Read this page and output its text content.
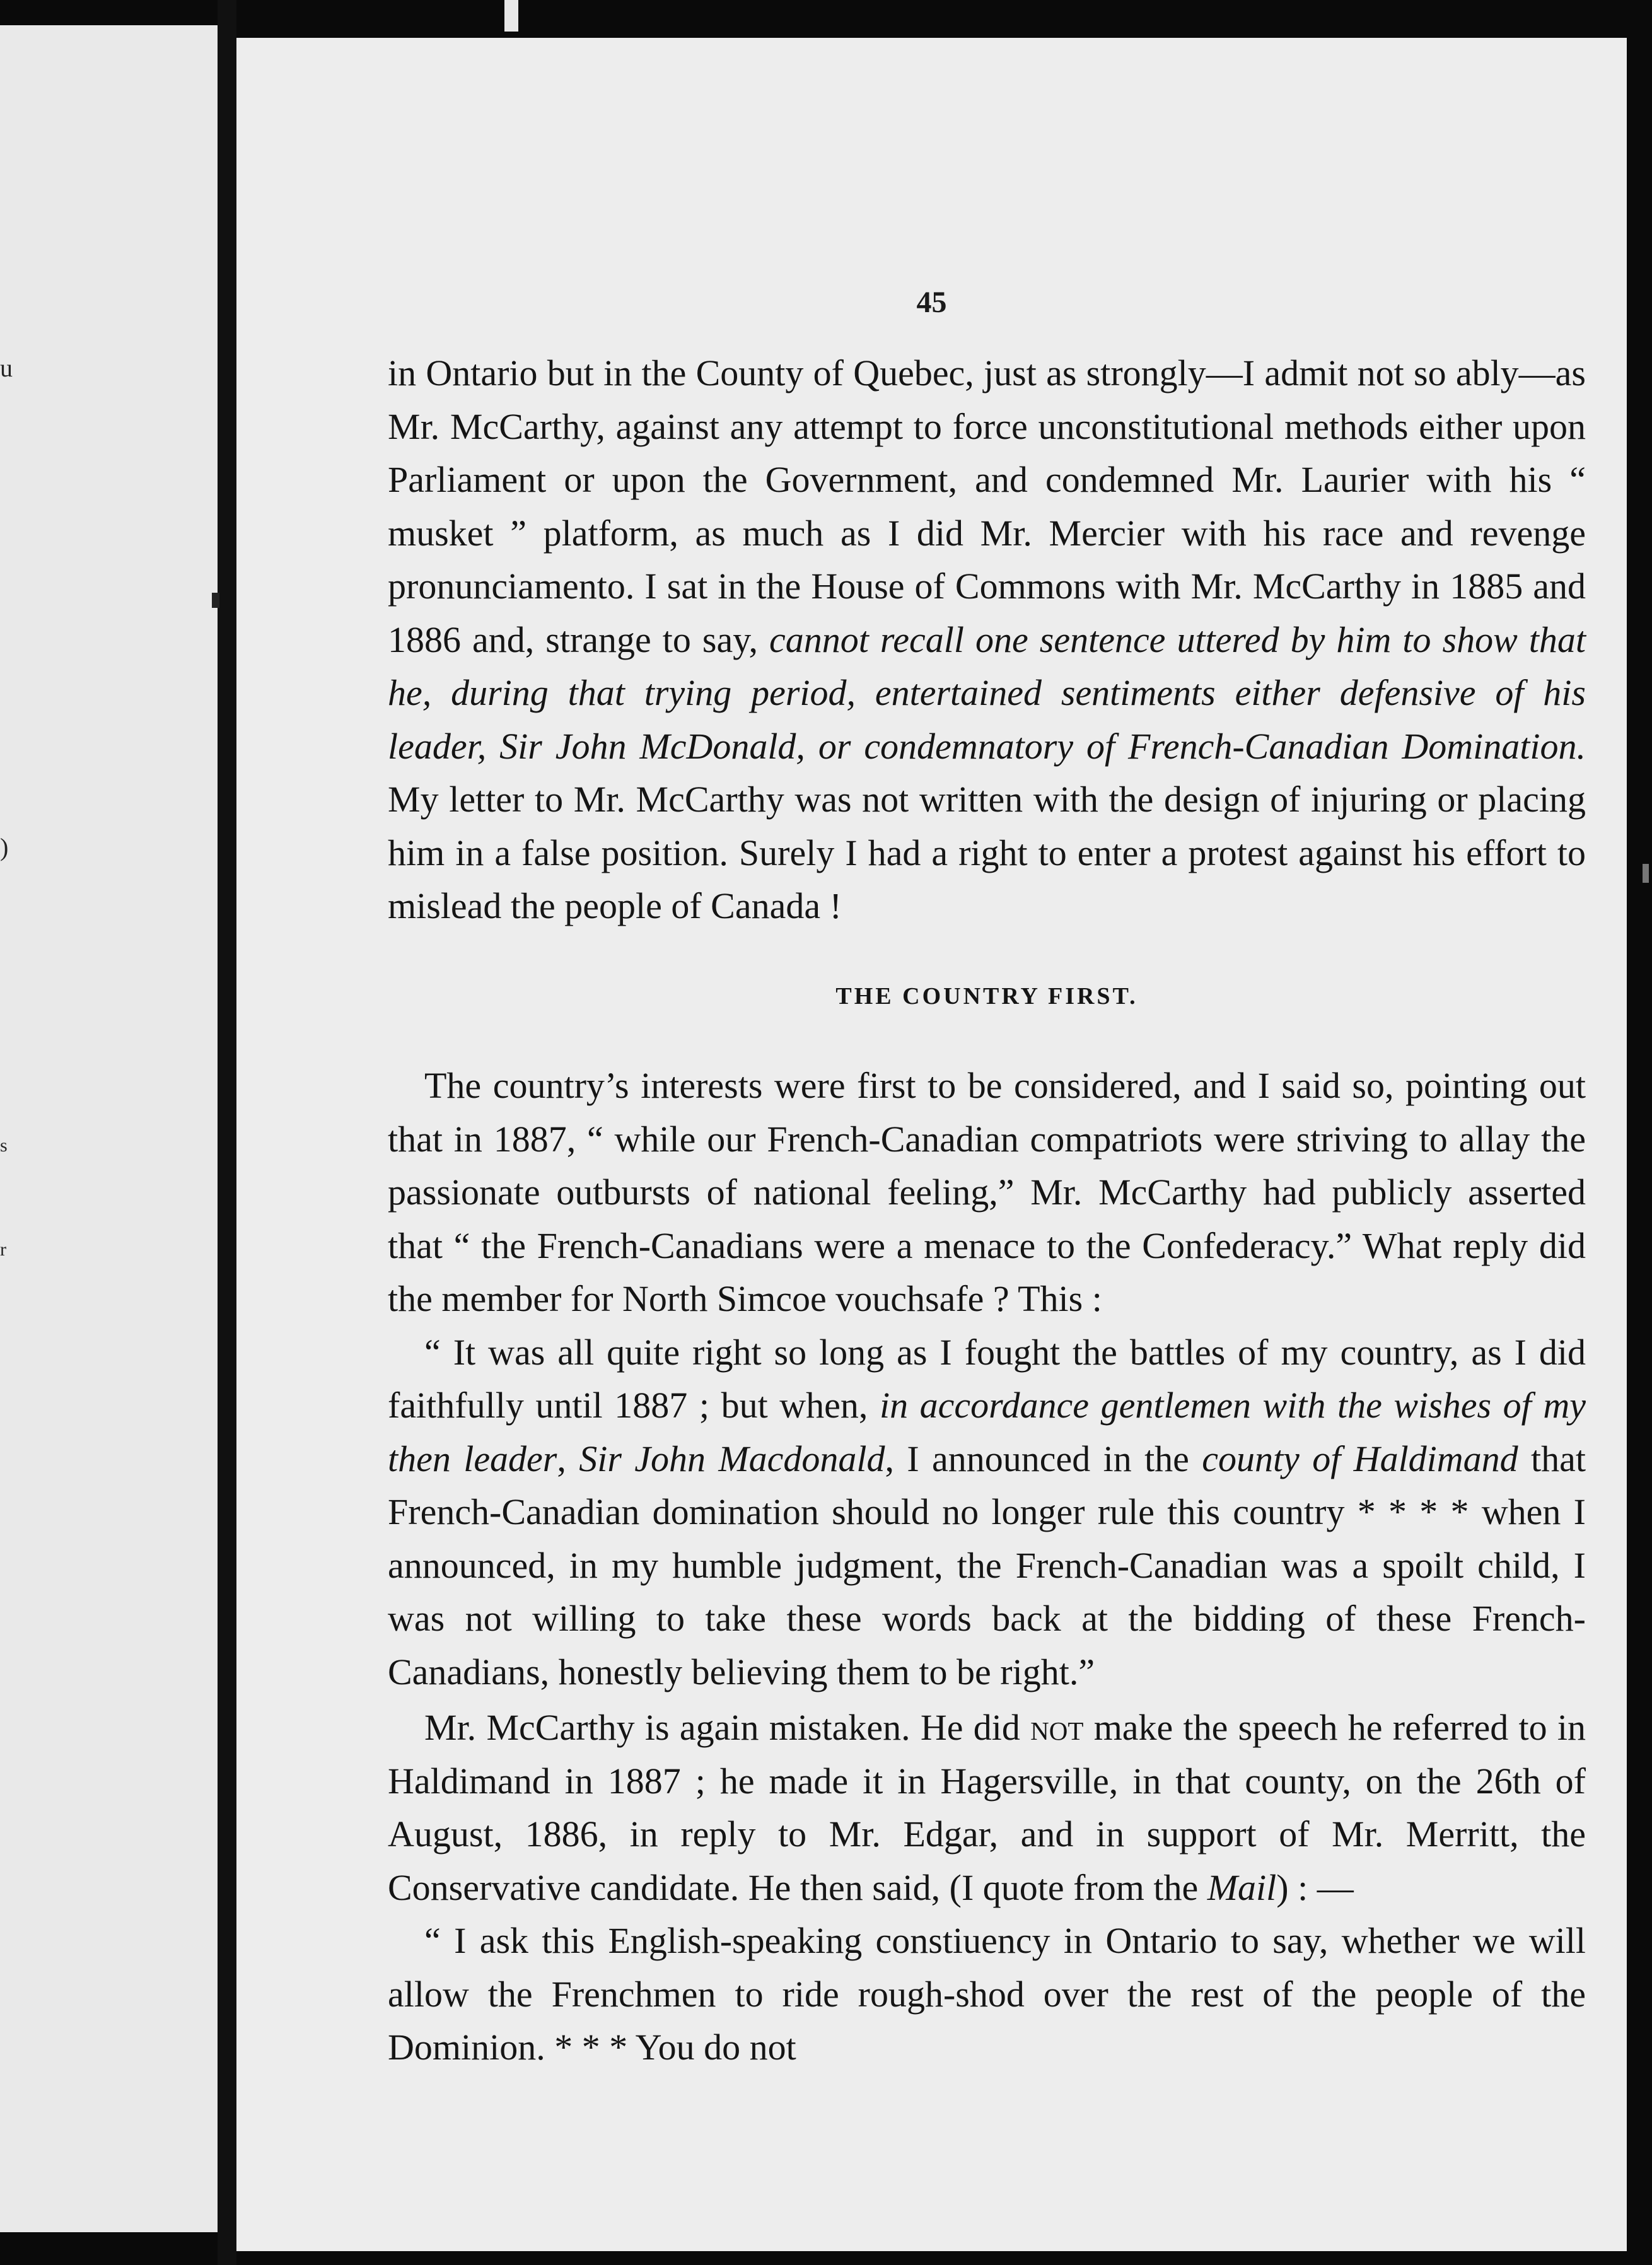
u
)
s
r
45

in Ontario but in the County of Quebec, just as strongly—I admit not so ably—as Mr. McCarthy, against any attempt to force unconstitutional methods either upon Parliament or upon the Government, and condemned Mr. Laurier with his “ musket ” platform, as much as I did Mr. Mercier with his race and revenge pronunciamento. I sat in the House of Commons with Mr. McCarthy in 1885 and 1886 and, strange to say, cannot recall one sentence uttered by him to show that he, during that trying period, entertained sentiments either defensive of his leader, Sir John McDonald, or condemnatory of French-Canadian Domination. My letter to Mr. McCarthy was not written with the design of injuring or placing him in a false position. Surely I had a right to enter a protest against his effort to mislead the people of Canada !

THE COUNTRY FIRST.

The country’s interests were first to be considered, and I said so, pointing out that in 1887, “ while our French-Canadian compatriots were striving to allay the passionate outbursts of national feeling,” Mr. McCarthy had publicly asserted that “ the French-Canadians were a menace to the Confederacy.” What reply did the member for North Simcoe vouchsafe ? This :

“ It was all quite right so long as I fought the battles of my country, as I did faithfully until 1887 ; but when, in accordance gentlemen with the wishes of my then leader, Sir John Macdonald, I announced in the county of Haldimand that French-Canadian domination should no longer rule this country * * * * when I announced, in my humble judgment, the French-Canadian was a spoilt child, I was not willing to take these words back at the bidding of these French-Canadians, honestly believing them to be right.”

Mr. McCarthy is again mistaken. He did not make the speech he referred to in Haldimand in 1887 ; he made it in Hagersville, in that county, on the 26th of August, 1886, in reply to Mr. Edgar, and in support of Mr. Merritt, the Conservative candidate. He then said, (I quote from the Mail) : —

“ I ask this English-speaking constiuency in Ontario to say, whether we will allow the Frenchmen to ride rough-shod over the rest of the people of the Dominion. * * * You do not
